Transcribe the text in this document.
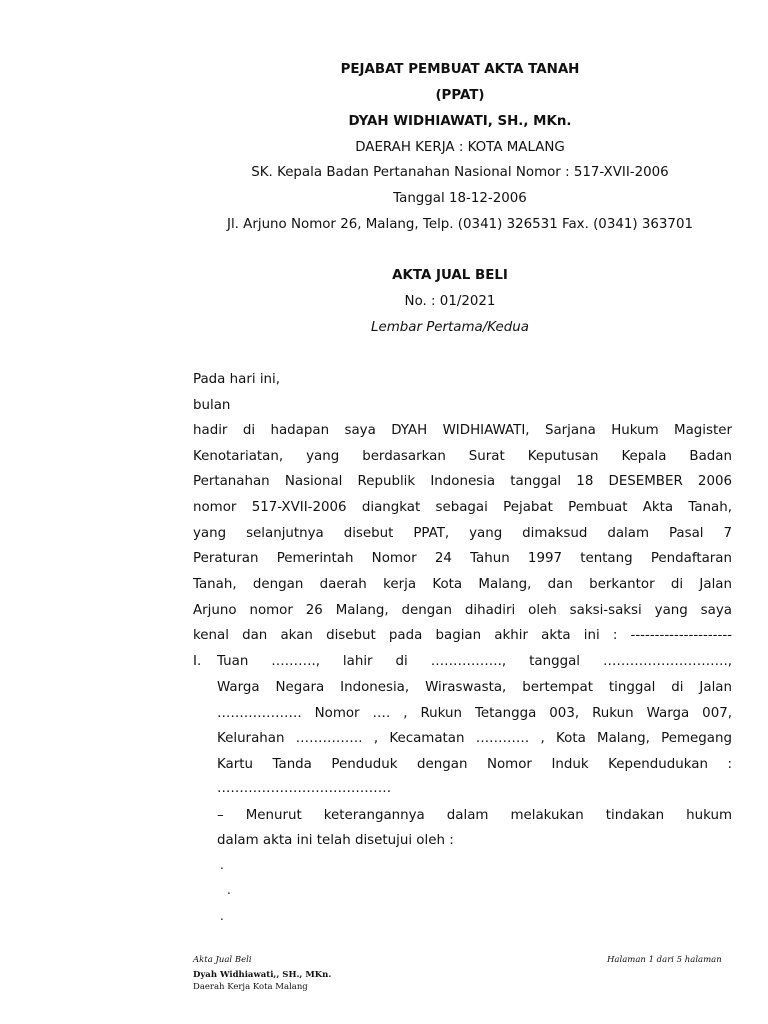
PEJABAT PEMBUAT AKTA TANAH
(PPAT)
DYAH WIDHIAWATI, SH., MKn.
DAERAH KERJA : KOTA MALANG
SK. Kepala Badan Pertanahan Nasional Nomor : 517-XVII-2006
Tanggal 18-12-2006
Jl. Arjuno Nomor 26, Malang, Telp. (0341) 326531 Fax. (0341) 363701
AKTA JUAL BELI
No. : 01/2021
Lembar Pertama/Kedua
Pada hari ini,
bulan
hadir di hadapan saya DYAH WIDHIAWATI, Sarjana Hukum Magister
Kenotariatan, yang berdasarkan Surat Keputusan Kepala Badan
Pertanahan Nasional Republik Indonesia tanggal 18 DESEMBER 2006
nomor 517-XVII-2006 diangkat sebagai Pejabat Pembuat Akta Tanah,
yang selanjutnya disebut PPAT, yang dimaksud dalam Pasal 7
Peraturan Pemerintah Nomor 24 Tahun 1997 tentang Pendaftaran
Tanah, dengan daerah kerja Kota Malang, dan berkantor di Jalan
Arjuno nomor 26 Malang, dengan dihadiri oleh saksi-saksi yang saya
kenal dan akan disebut pada bagian akhir akta ini : ---------------------
I. Tuan ………., lahir di ……………., tanggal ……………………….,
Warga Negara Indonesia, Wiraswasta, bertempat tinggal di Jalan
………………. Nomor …. , Rukun Tetangga 003, Rukun Warga 007,
Kelurahan …………… , Kecamatan ………… , Kota Malang, Pemegang
Kartu Tanda Penduduk dengan Nomor Induk Kependudukan :
…………………………………
– Menurut keterangannya dalam melakukan tindakan hukum
dalam akta ini telah disetujui oleh :
.
.
.
Akta Jual Beli	Halaman 1 dari 5 halaman
Dyah Widhiawati,, SH., MKn.
Daerah Kerja Kota Malang
